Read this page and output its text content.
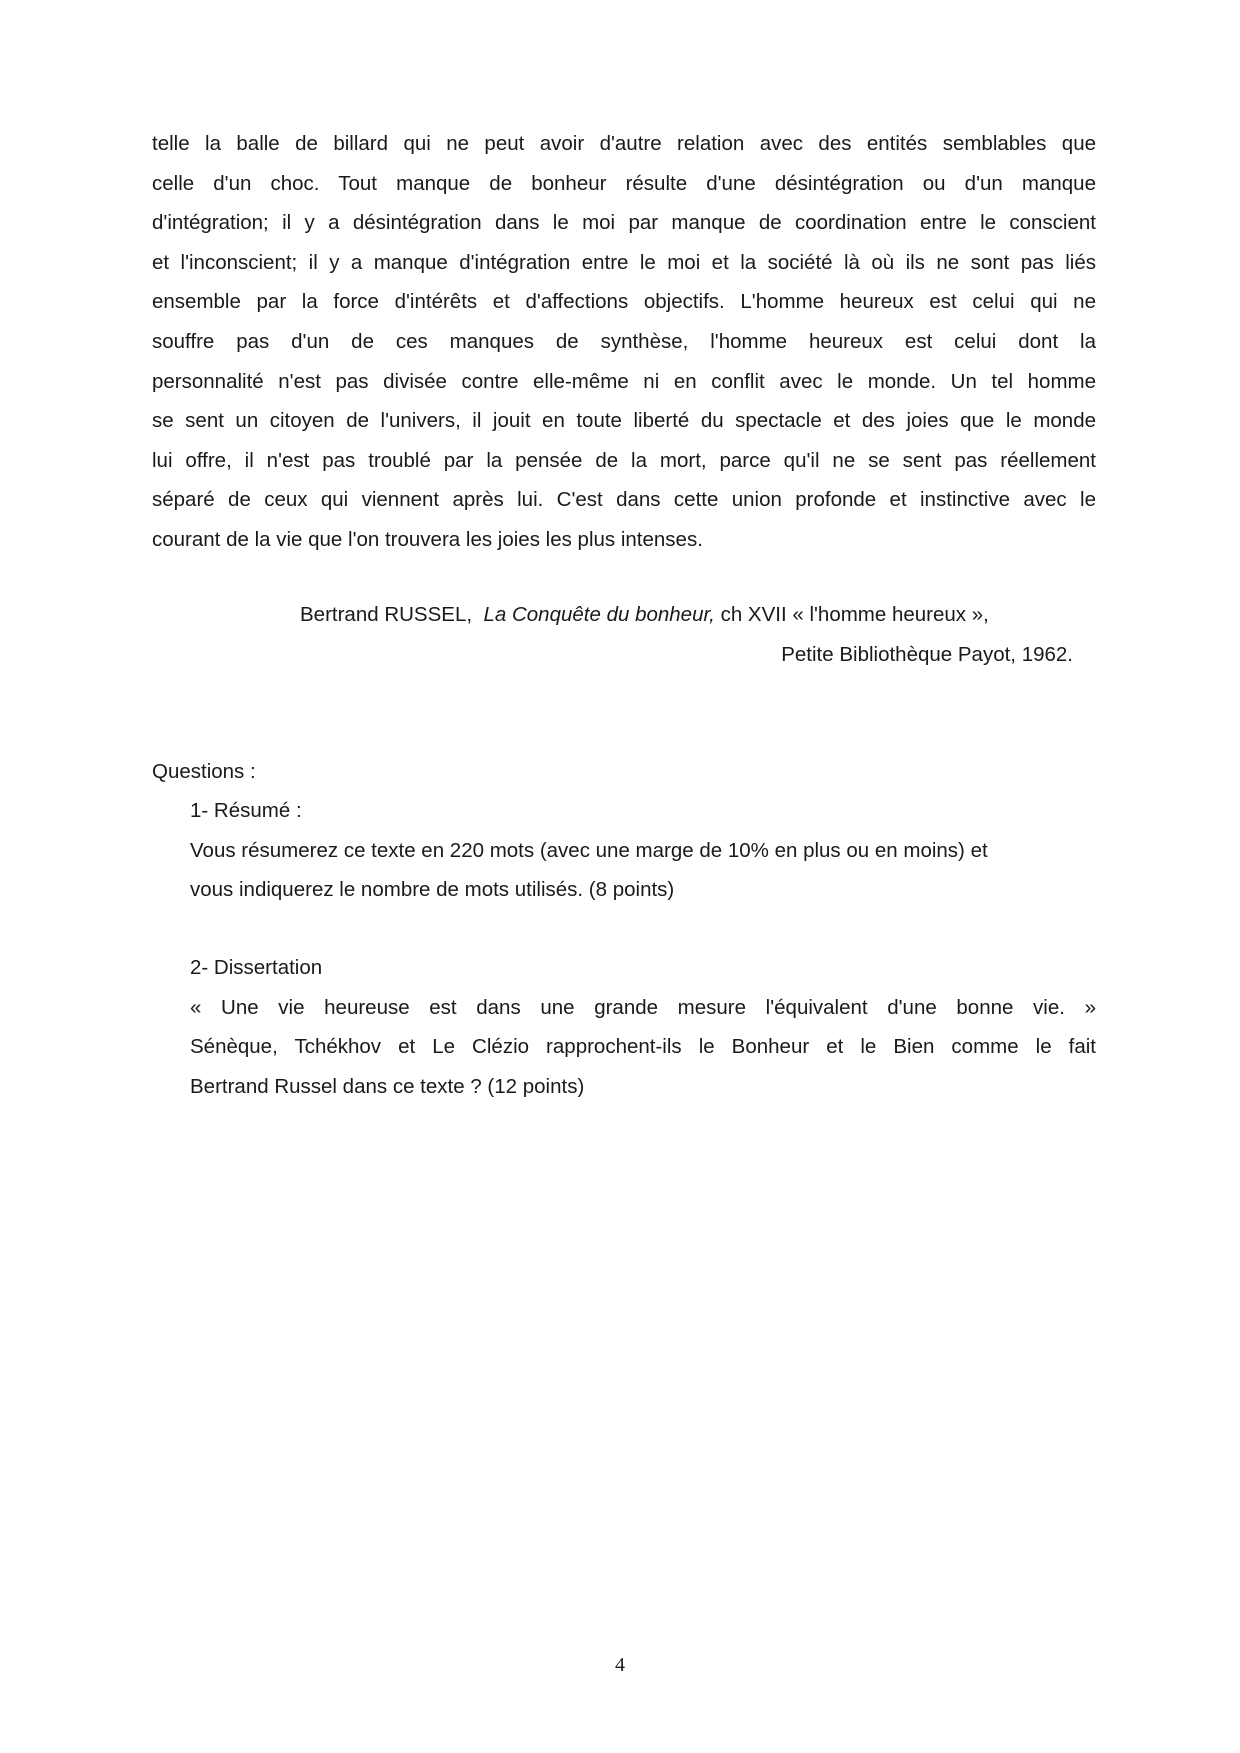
telle la balle de billard qui ne peut avoir d'autre relation avec des entités semblables que
celle d'un choc. Tout manque de bonheur résulte d'une désintégration ou d'un manque
d'intégration; il y a désintégration dans le moi par manque de coordination entre le conscient
et l'inconscient; il y a manque d'intégration entre le moi et la société là où ils ne sont pas liés
ensemble par la force d'intérêts et d'affections objectifs. L'homme heureux est celui qui ne
souffre pas d'un de ces manques de synthèse, l'homme heureux est celui dont la
personnalité n'est pas divisée contre elle-même ni en conflit avec le monde. Un tel homme
se sent un citoyen de l'univers, il jouit en toute liberté du spectacle et des joies que le monde
lui offre, il n'est pas troublé par la pensée de la mort, parce qu'il ne se sent pas réellement
séparé de ceux qui viennent après lui. C'est dans cette union profonde et instinctive avec le
courant de la vie que l'on trouvera les joies les plus intenses.
Bertrand RUSSEL, La Conquête du bonheur, ch XVII « l'homme heureux »,
Petite Bibliothèque Payot, 1962.
Questions :
1- Résumé :
Vous résumerez ce texte en 220 mots (avec une marge de 10% en plus ou en moins) et
vous indiquerez le nombre de mots utilisés. (8 points)
2- Dissertation
« Une vie heureuse est dans une grande mesure l'équivalent d'une bonne vie. »
Sénèque, Tchékhov et Le Clézio rapprochent-ils le Bonheur et le Bien comme le fait
Bertrand Russel dans ce texte ? (12 points)
4
